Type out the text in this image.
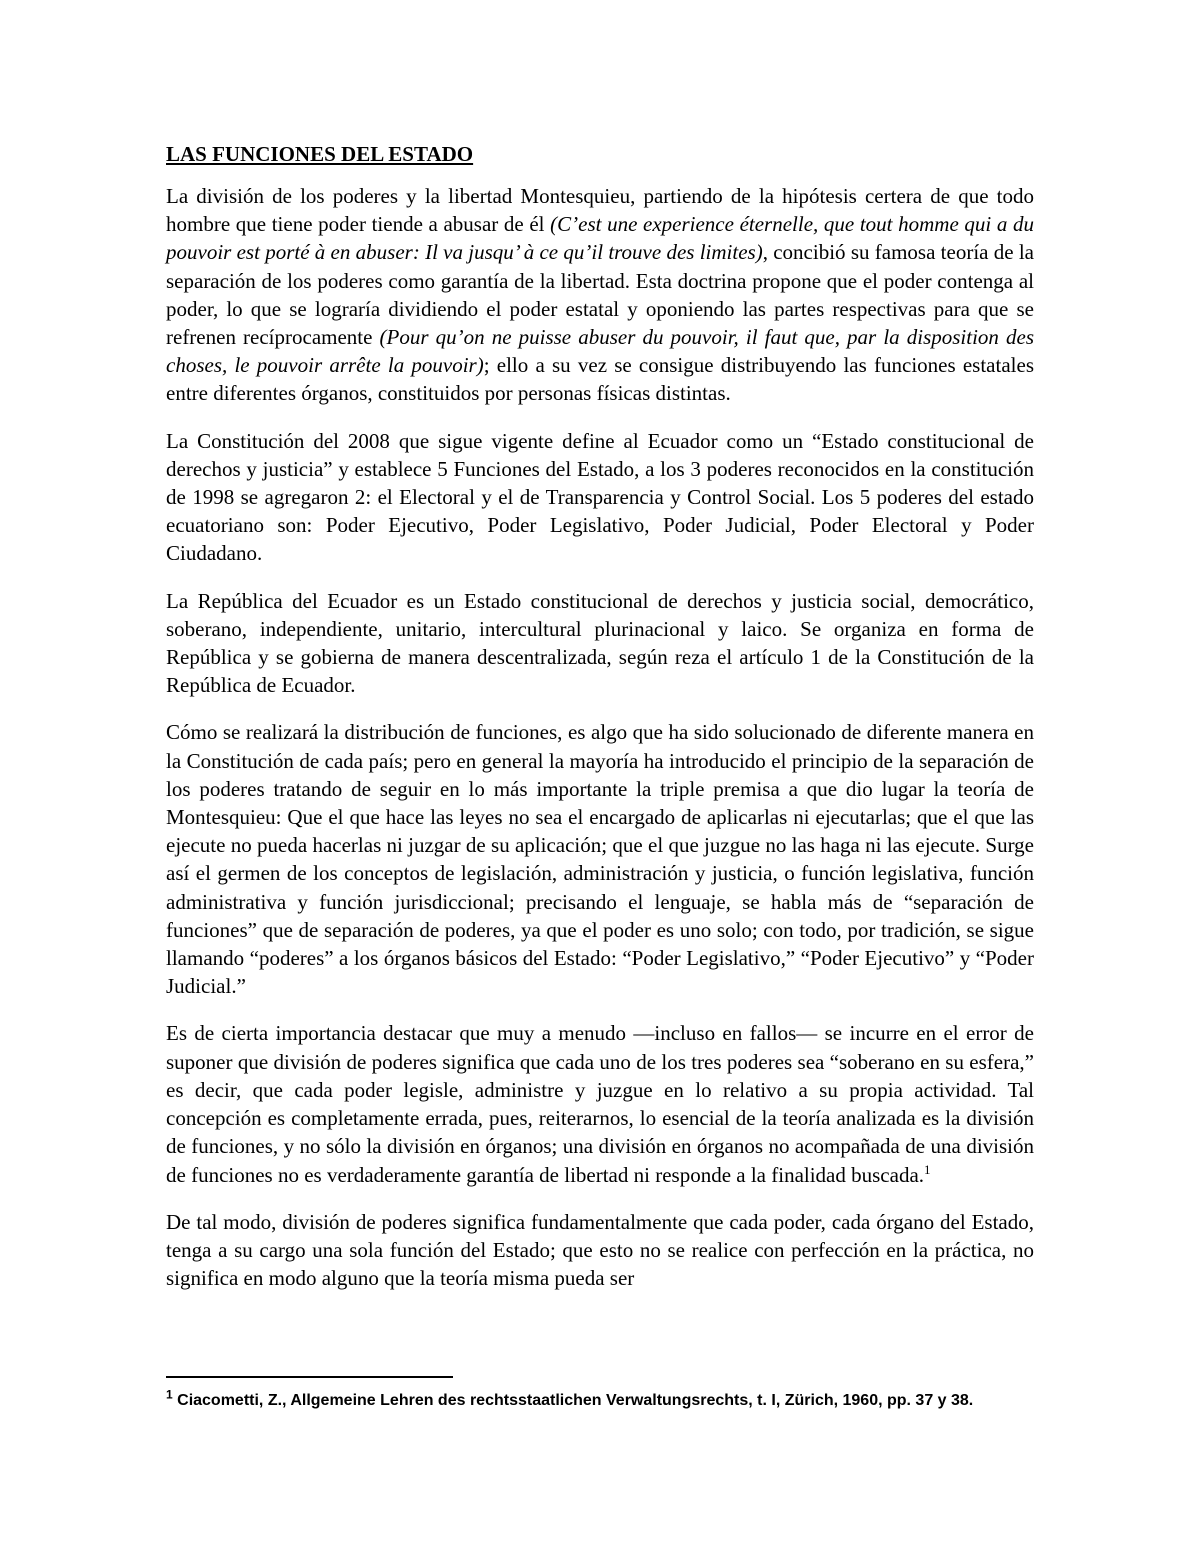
LAS FUNCIONES DEL ESTADO

La división de los poderes y la libertad Montesquieu, partiendo de la hipótesis certera de que todo hombre que tiene poder tiende a abusar de él (C’est une experience éternelle, que tout homme qui a du pouvoir est porté à en abuser: Il va jusqu’ à ce qu’il trouve des limites), concibió su famosa teoría de la separación de los poderes como garantía de la libertad. Esta doctrina propone que el poder contenga al poder, lo que se lograría dividiendo el poder estatal y oponiendo las partes respectivas para que se refrenen recíprocamente (Pour qu’on ne puisse abuser du pouvoir, il faut que, par la disposition des choses, le pouvoir arrête la pouvoir); ello a su vez se consigue distribuyendo las funciones estatales entre diferentes órganos, constituidos por personas físicas distintas.

La Constitución del 2008 que sigue vigente define al Ecuador como un “Estado constitucional de derechos y justicia” y establece 5 Funciones del Estado, a los 3 poderes reconocidos en la constitución de 1998 se agregaron 2: el Electoral y el de Transparencia y Control Social. Los 5 poderes del estado ecuatoriano son: Poder Ejecutivo, Poder Legislativo, Poder Judicial, Poder Electoral y Poder Ciudadano.

La República del Ecuador es un Estado constitucional de derechos y justicia social, democrático, soberano, independiente, unitario, intercultural plurinacional y laico. Se organiza en forma de República y se gobierna de manera descentralizada, según reza el artículo 1 de la Constitución de la República de Ecuador.

Cómo se realizará la distribución de funciones, es algo que ha sido solucionado de diferente manera en la Constitución de cada país; pero en general la mayoría ha introducido el principio de la separación de los poderes tratando de seguir en lo más importante la triple premisa a que dio lugar la teoría de Montesquieu: Que el que hace las leyes no sea el encargado de aplicarlas ni ejecutarlas; que el que las ejecute no pueda hacerlas ni juzgar de su aplicación; que el que juzgue no las haga ni las ejecute. Surge así el germen de los conceptos de legislación, administración y justicia, o función legislativa, función administrativa y función jurisdiccional; precisando el lenguaje, se habla más de “separación de funciones” que de separación de poderes, ya que el poder es uno solo; con todo, por tradición, se sigue llamando “poderes” a los órganos básicos del Estado: “Poder Legislativo,” “Poder Ejecutivo” y “Poder Judicial.”

Es de cierta importancia destacar que muy a menudo —incluso en fallos— se incurre en el error de suponer que división de poderes significa que cada uno de los tres poderes sea “soberano en su esfera,” es decir, que cada poder legisle, administre y juzgue en lo relativo a su propia actividad. Tal concepción es completamente errada, pues, reiterarnos, lo esencial de la teoría analizada es la división de funciones, y no sólo la división en órganos; una división en órganos no acompañada de una división de funciones no es verdaderamente garantía de libertad ni responde a la finalidad buscada.$^1$

De tal modo, división de poderes significa fundamentalmente que cada poder, cada órgano del Estado, tenga a su cargo una sola función del Estado; que esto no se realice con perfección en la práctica, no significa en modo alguno que la teoría misma pueda ser

$^1$ Ciacometti, Z., Allgemeine Lehren des rechtsstaatlichen Verwaltungsrechts, t. I, Zürich, 1960, pp. 37 y 38.
